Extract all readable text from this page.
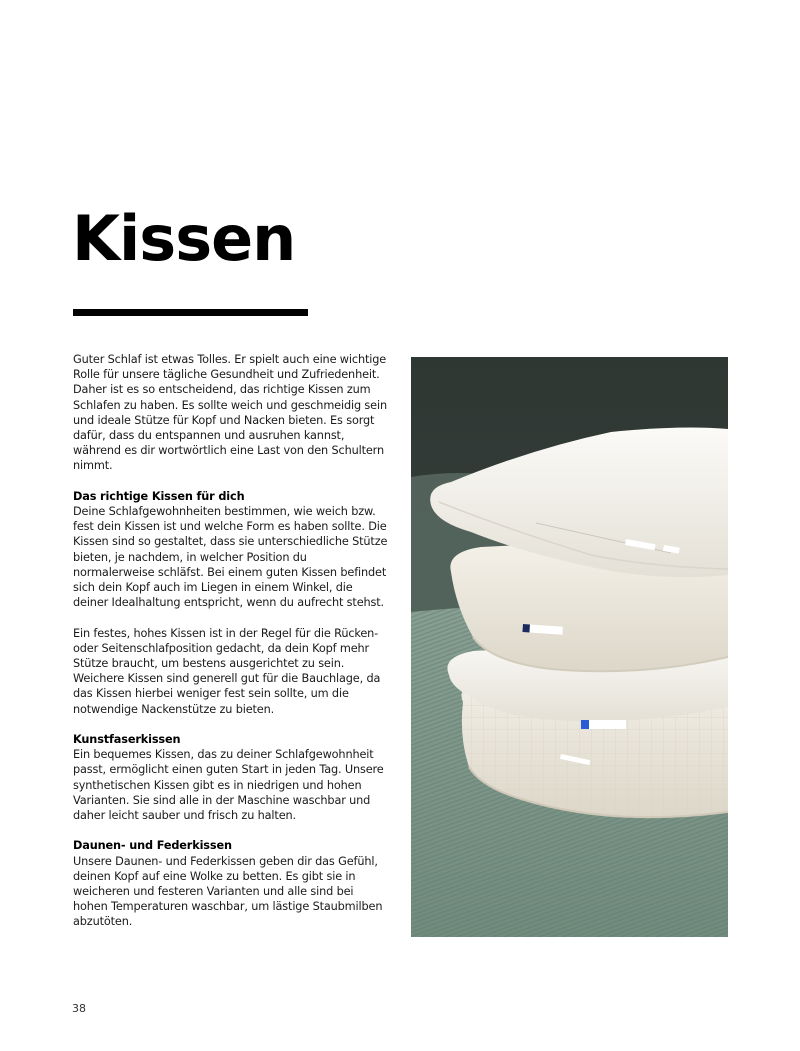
Kissen

Guter Schlaf ist etwas Tolles. Er spielt auch eine wichtige Rolle für unsere tägliche Gesundheit und Zufriedenheit. Daher ist es so entscheidend, das richtige Kissen zum Schlafen zu haben. Es sollte weich und geschmeidig sein und ideale Stütze für Kopf und Nacken bieten. Es sorgt dafür, dass du entspannen und ausruhen kannst, während es dir wortwörtlich eine Last von den Schultern nimmt.

Das richtige Kissen für dich
Deine Schlafgewohnheiten bestimmen, wie weich bzw. fest dein Kissen ist und welche Form es haben sollte. Die Kissen sind so gestaltet, dass sie unterschiedliche Stütze bieten, je nachdem, in welcher Position du normalerweise schläfst. Bei einem guten Kissen befindet sich dein Kopf auch im Liegen in einem Winkel, die deiner Idealhaltung entspricht, wenn du aufrecht stehst.

Ein festes, hohes Kissen ist in der Regel für die Rücken- oder Seitenschlafposition gedacht, da dein Kopf mehr Stütze braucht, um bestens ausgerichtet zu sein. Weichere Kissen sind generell gut für die Bauchlage, da das Kissen hierbei weniger fest sein sollte, um die notwendige Nackenstütze zu bieten.

Kunstfaserkissen
Ein bequemes Kissen, das zu deiner Schlafgewohnheit passt, ermöglicht einen guten Start in jeden Tag. Unsere synthetischen Kissen gibt es in niedrigen und hohen Varianten. Sie sind alle in der Maschine waschbar und daher leicht sauber und frisch zu halten.

Daunen- und Federkissen
Unsere Daunen- und Federkissen geben dir das Gefühl, deinen Kopf auf eine Wolke zu betten. Es gibt sie in weicheren und festeren Varianten und alle sind bei hohen Temperaturen waschbar, um lästige Staubmilben abzutöten.

38
